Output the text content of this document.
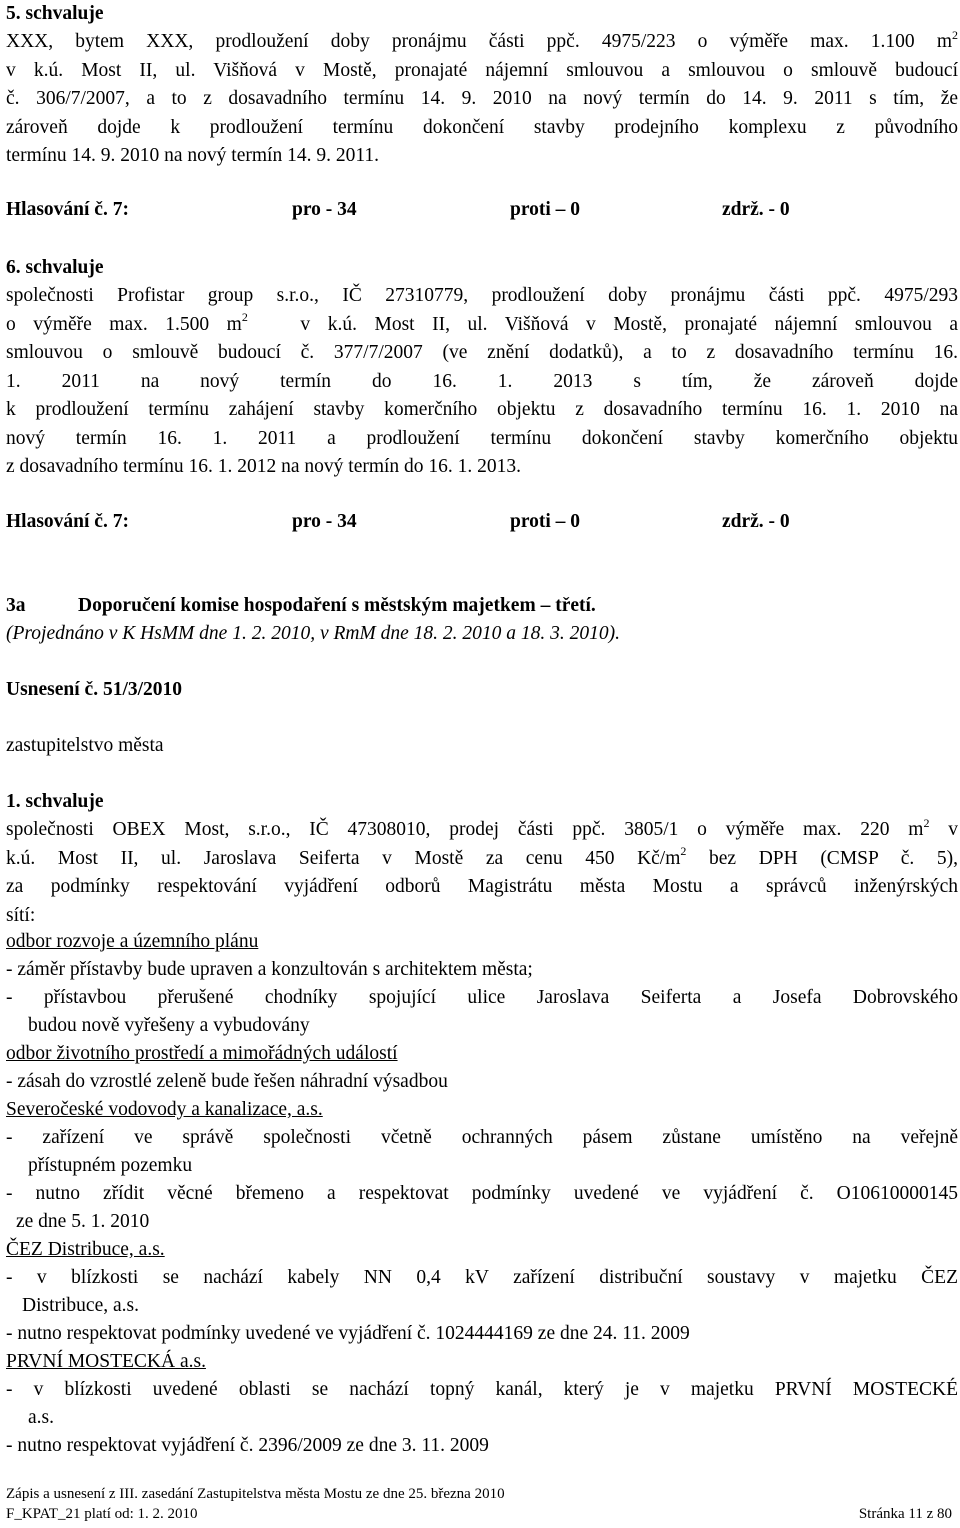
5. schvaluje
XXX, bytem XXX, prodloužení doby pronájmu části ppč. 4975/223 o výměře max. 1.100 $m^2$
v k.ú. Most II, ul. Višňová v Mostě, pronajaté nájemní smlouvou a smlouvou o smlouvě budoucí
č. 306/7/2007, a to z dosavadního termínu 14. 9. 2010 na nový termín do 14. 9. 2011 s tím, že
zároveň dojde k prodloužení termínu dokončení stavby prodejního komplexu z původního
termínu 14. 9. 2010 na nový termín 14. 9. 2011.
Hlasování č. 7:	pro - 34	proti – 0	zdrž. - 0
6. schvaluje
společnosti Profistar group s.r.o., IČ 27310779, prodloužení doby pronájmu části ppč. 4975/293
o výměře max. 1.500 $m^2$	v k.ú. Most II, ul. Višňová v Mostě, pronajaté nájemní smlouvou a
smlouvou o smlouvě budoucí č. 377/7/2007 (ve znění dodatků), a to z dosavadního termínu 16.
1. 2011 na nový termín do 16. 1. 2013 s tím, že zároveň dojde
k prodloužení termínu zahájení stavby komerčního objektu z dosavadního termínu 16. 1. 2010 na
nový termín 16. 1. 2011 a prodloužení termínu dokončení stavby komerčního objektu
z dosavadního termínu 16. 1. 2012 na nový termín do 16. 1. 2013.
Hlasování č. 7:	pro - 34	proti – 0	zdrž. - 0
3a	Doporučení komise hospodaření s městským majetkem – třetí.
(Projednáno v K HsMM dne 1. 2. 2010, v RmM dne 18. 2. 2010 a 18. 3. 2010).
Usnesení č. 51/3/2010
zastupitelstvo města
1. schvaluje
společnosti OBEX Most, s.r.o., IČ 47308010, prodej části ppč. 3805/1 o výměře max. 220 $m^2$ v
k.ú. Most II, ul. Jaroslava Seiferta v Mostě za cenu 450 $Kč/m^2$ bez DPH (CMSP č. 5),
za podmínky respektování vyjádření odborů Magistrátu města Mostu a správců inženýrských
sítí:
odbor rozvoje a územního plánu
- záměr přístavby bude upraven a konzultován s architektem města;
- přístavbou přerušené chodníky spojující ulice Jaroslava Seiferta a Josefa Dobrovského
budou nově vyřešeny a vybudovány
odbor životního prostředí a mimořádných událostí
- zásah do vzrostlé zeleně bude řešen náhradní výsadbou
Severočeské vodovody a kanalizace, a.s.
- zařízení ve správě společnosti včetně ochranných pásem zůstane umístěno na veřejně
přístupném pozemku
- nutno zřídit věcné břemeno a respektovat podmínky uvedené ve vyjádření č. O10610000145
ze dne 5. 1. 2010
ČEZ Distribuce, a.s.
- v blízkosti se nachází kabely NN 0,4 kV zařízení distribuční soustavy v majetku ČEZ
Distribuce, a.s.
- nutno respektovat podmínky uvedené ve vyjádření č. 1024444169 ze dne 24. 11. 2009
PRVNÍ MOSTECKÁ a.s.
- v blízkosti uvedené oblasti se nachází topný kanál, který je v majetku PRVNÍ MOSTECKÉ
a.s.
- nutno respektovat vyjádření č. 2396/2009 ze dne 3. 11. 2009
Zápis a usnesení z III. zasedání Zastupitelstva města Mostu ze dne 25. března 2010
F_KPAT_21 platí od: 1. 2. 2010	Stránka 11 z 80
